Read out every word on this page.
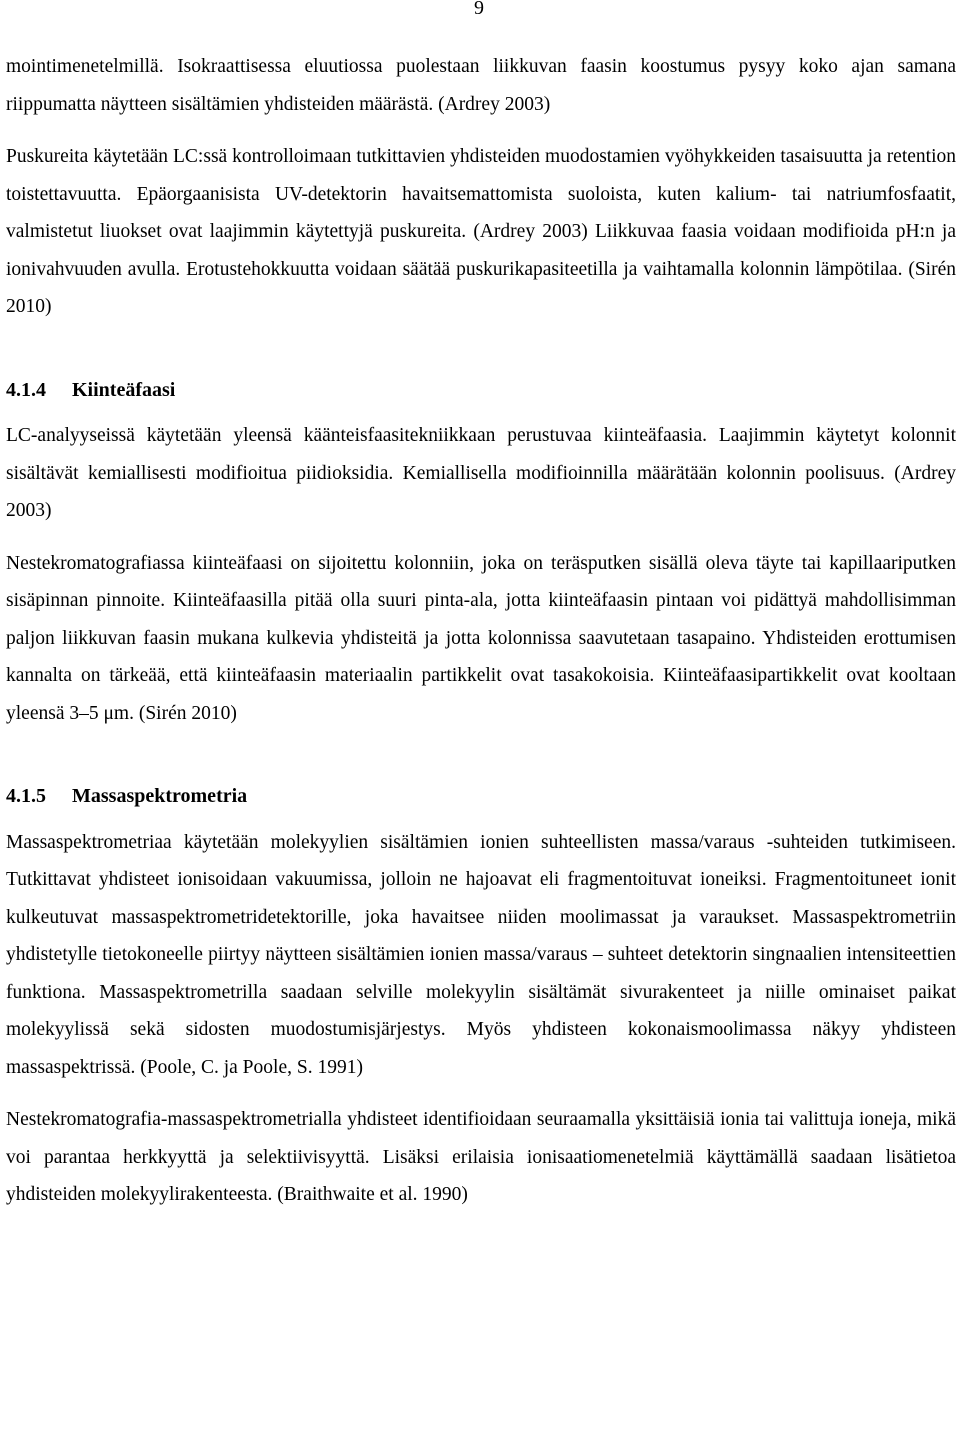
9

mointimenetelmillä. Isokraattisessa eluutiossa puolestaan liikkuvan faasin koostumus pysyy koko ajan samana riippumatta näytteen sisältämien yhdisteiden määrästä. (Ardrey 2003)

Puskureita käytetään LC:ssä kontrolloimaan tutkittavien yhdisteiden muodostamien vyöhykkeiden tasaisuutta ja retention toistettavuutta. Epäorgaanisista UV-detektorin havaitsemattomista suoloista, kuten kalium- tai natriumfosfaatit, valmistetut liuokset ovat laajimmin käytettyjä puskureita. (Ardrey 2003) Liikkuvaa faasia voidaan modifioida pH:n ja ionivahvuuden avulla. Erotustehokkuutta voidaan säätää puskurikapasiteetilla ja vaihtamalla kolonnin lämpötilaa. (Sirén 2010)

4.1.4 Kiinteäfaasi

LC-analyyseissä käytetään yleensä käänteisfaasitekniikkaan perustuvaa kiinteäfaasia. Laajimmin käytetyt kolonnit sisältävät kemiallisesti modifioitua piidioksidia. Kemiallisella modifioinnilla määrätään kolonnin poolisuus. (Ardrey 2003)

Nestekromatografiassa kiinteäfaasi on sijoitettu kolonniin, joka on teräsputken sisällä oleva täyte tai kapillaariputken sisäpinnan pinnoite. Kiinteäfaasilla pitää olla suuri pinta-ala, jotta kiinteäfaasin pintaan voi pidättyä mahdollisimman paljon liikkuvan faasin mukana kulkevia yhdisteitä ja jotta kolonnissa saavutetaan tasapaino. Yhdisteiden erottumisen kannalta on tärkeää, että kiinteäfaasin materiaalin partikkelit ovat tasakokoisia. Kiinteäfaasipartikkelit ovat kooltaan yleensä 3–5 μm. (Sirén 2010)

4.1.5 Massaspektrometria

Massaspektrometriaa käytetään molekyylien sisältämien ionien suhteellisten massa/varaus -suhteiden tutkimiseen. Tutkittavat yhdisteet ionisoidaan vakuumissa, jolloin ne hajoavat eli fragmentoituvat ioneiksi. Fragmentoituneet ionit kulkeutuvat massaspektrometridetektorille, joka havaitsee niiden moolimassat ja varaukset. Massaspektrometriin yhdistetylle tietokoneelle piirtyy näytteen sisältämien ionien massa/varaus – suhteet detektorin singnaalien intensiteettien funktiona. Massaspektrometrilla saadaan selville molekyylin sisältämät sivurakenteet ja niille ominaiset paikat molekyylissä sekä sidosten muodostumisjärjestys. Myös yhdisteen kokonaismoolimassa näkyy yhdisteen massaspektrissä. (Poole, C. ja Poole, S. 1991)

Nestekromatografia-massaspektrometrialla yhdisteet identifioidaan seuraamalla yksittäisiä ionia tai valittuja ioneja, mikä voi parantaa herkkyyttä ja selektiivisyyttä. Lisäksi erilaisia ionisaatiomenetelmiä käyttämällä saadaan lisätietoa yhdisteiden molekyylirakenteesta. (Braithwaite et al. 1990)
